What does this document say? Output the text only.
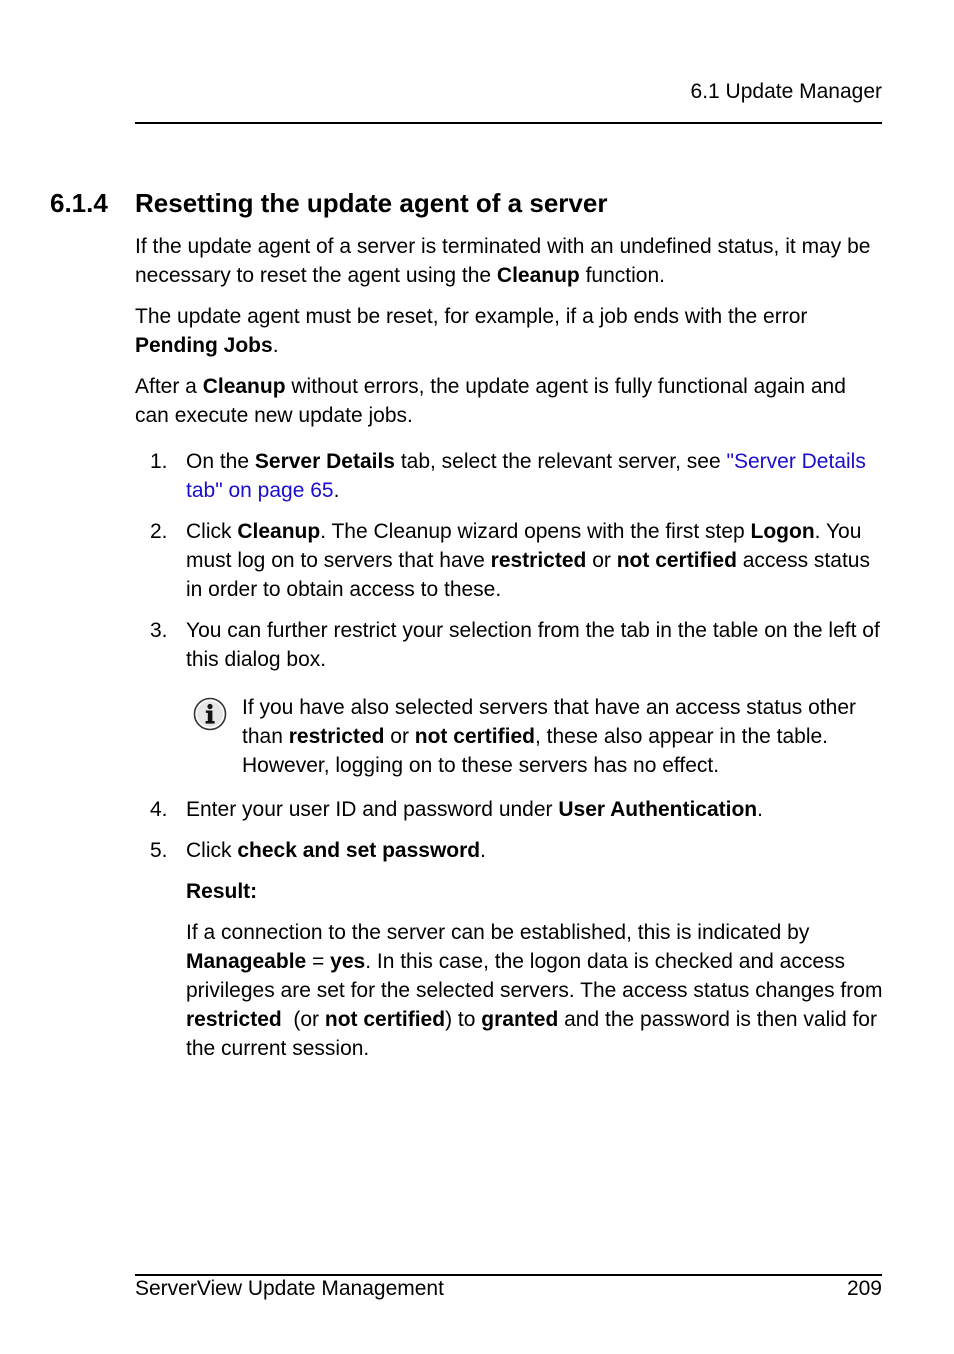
6.1 Update Manager
6.1.4 Resetting the update agent of a server

If the update agent of a server is terminated with an undefined status, it may be necessary to reset the agent using the Cleanup function.

The update agent must be reset, for example, if a job ends with the error Pending Jobs.

After a Cleanup without errors, the update agent is fully functional again and can execute new update jobs.

1. On the Server Details tab, select the relevant server, see "Server Details tab" on page 65.
2. Click Cleanup. The Cleanup wizard opens with the first step Logon. You must log on to servers that have restricted or not certified access status in order to obtain access to these.
3. You can further restrict your selection from the tab in the table on the left of this dialog box.
If you have also selected servers that have an access status other than restricted or not certified, these also appear in the table. However, logging on to these servers has no effect.
4. Enter your user ID and password under User Authentication.
5. Click check and set password.

Result:

If a connection to the server can be established, this is indicated by Manageable = yes. In this case, the logon data is checked and access privileges are set for the selected servers. The access status changes from restricted  (or not certified) to granted and the password is then valid for the current session.

ServerView Update Management	209
